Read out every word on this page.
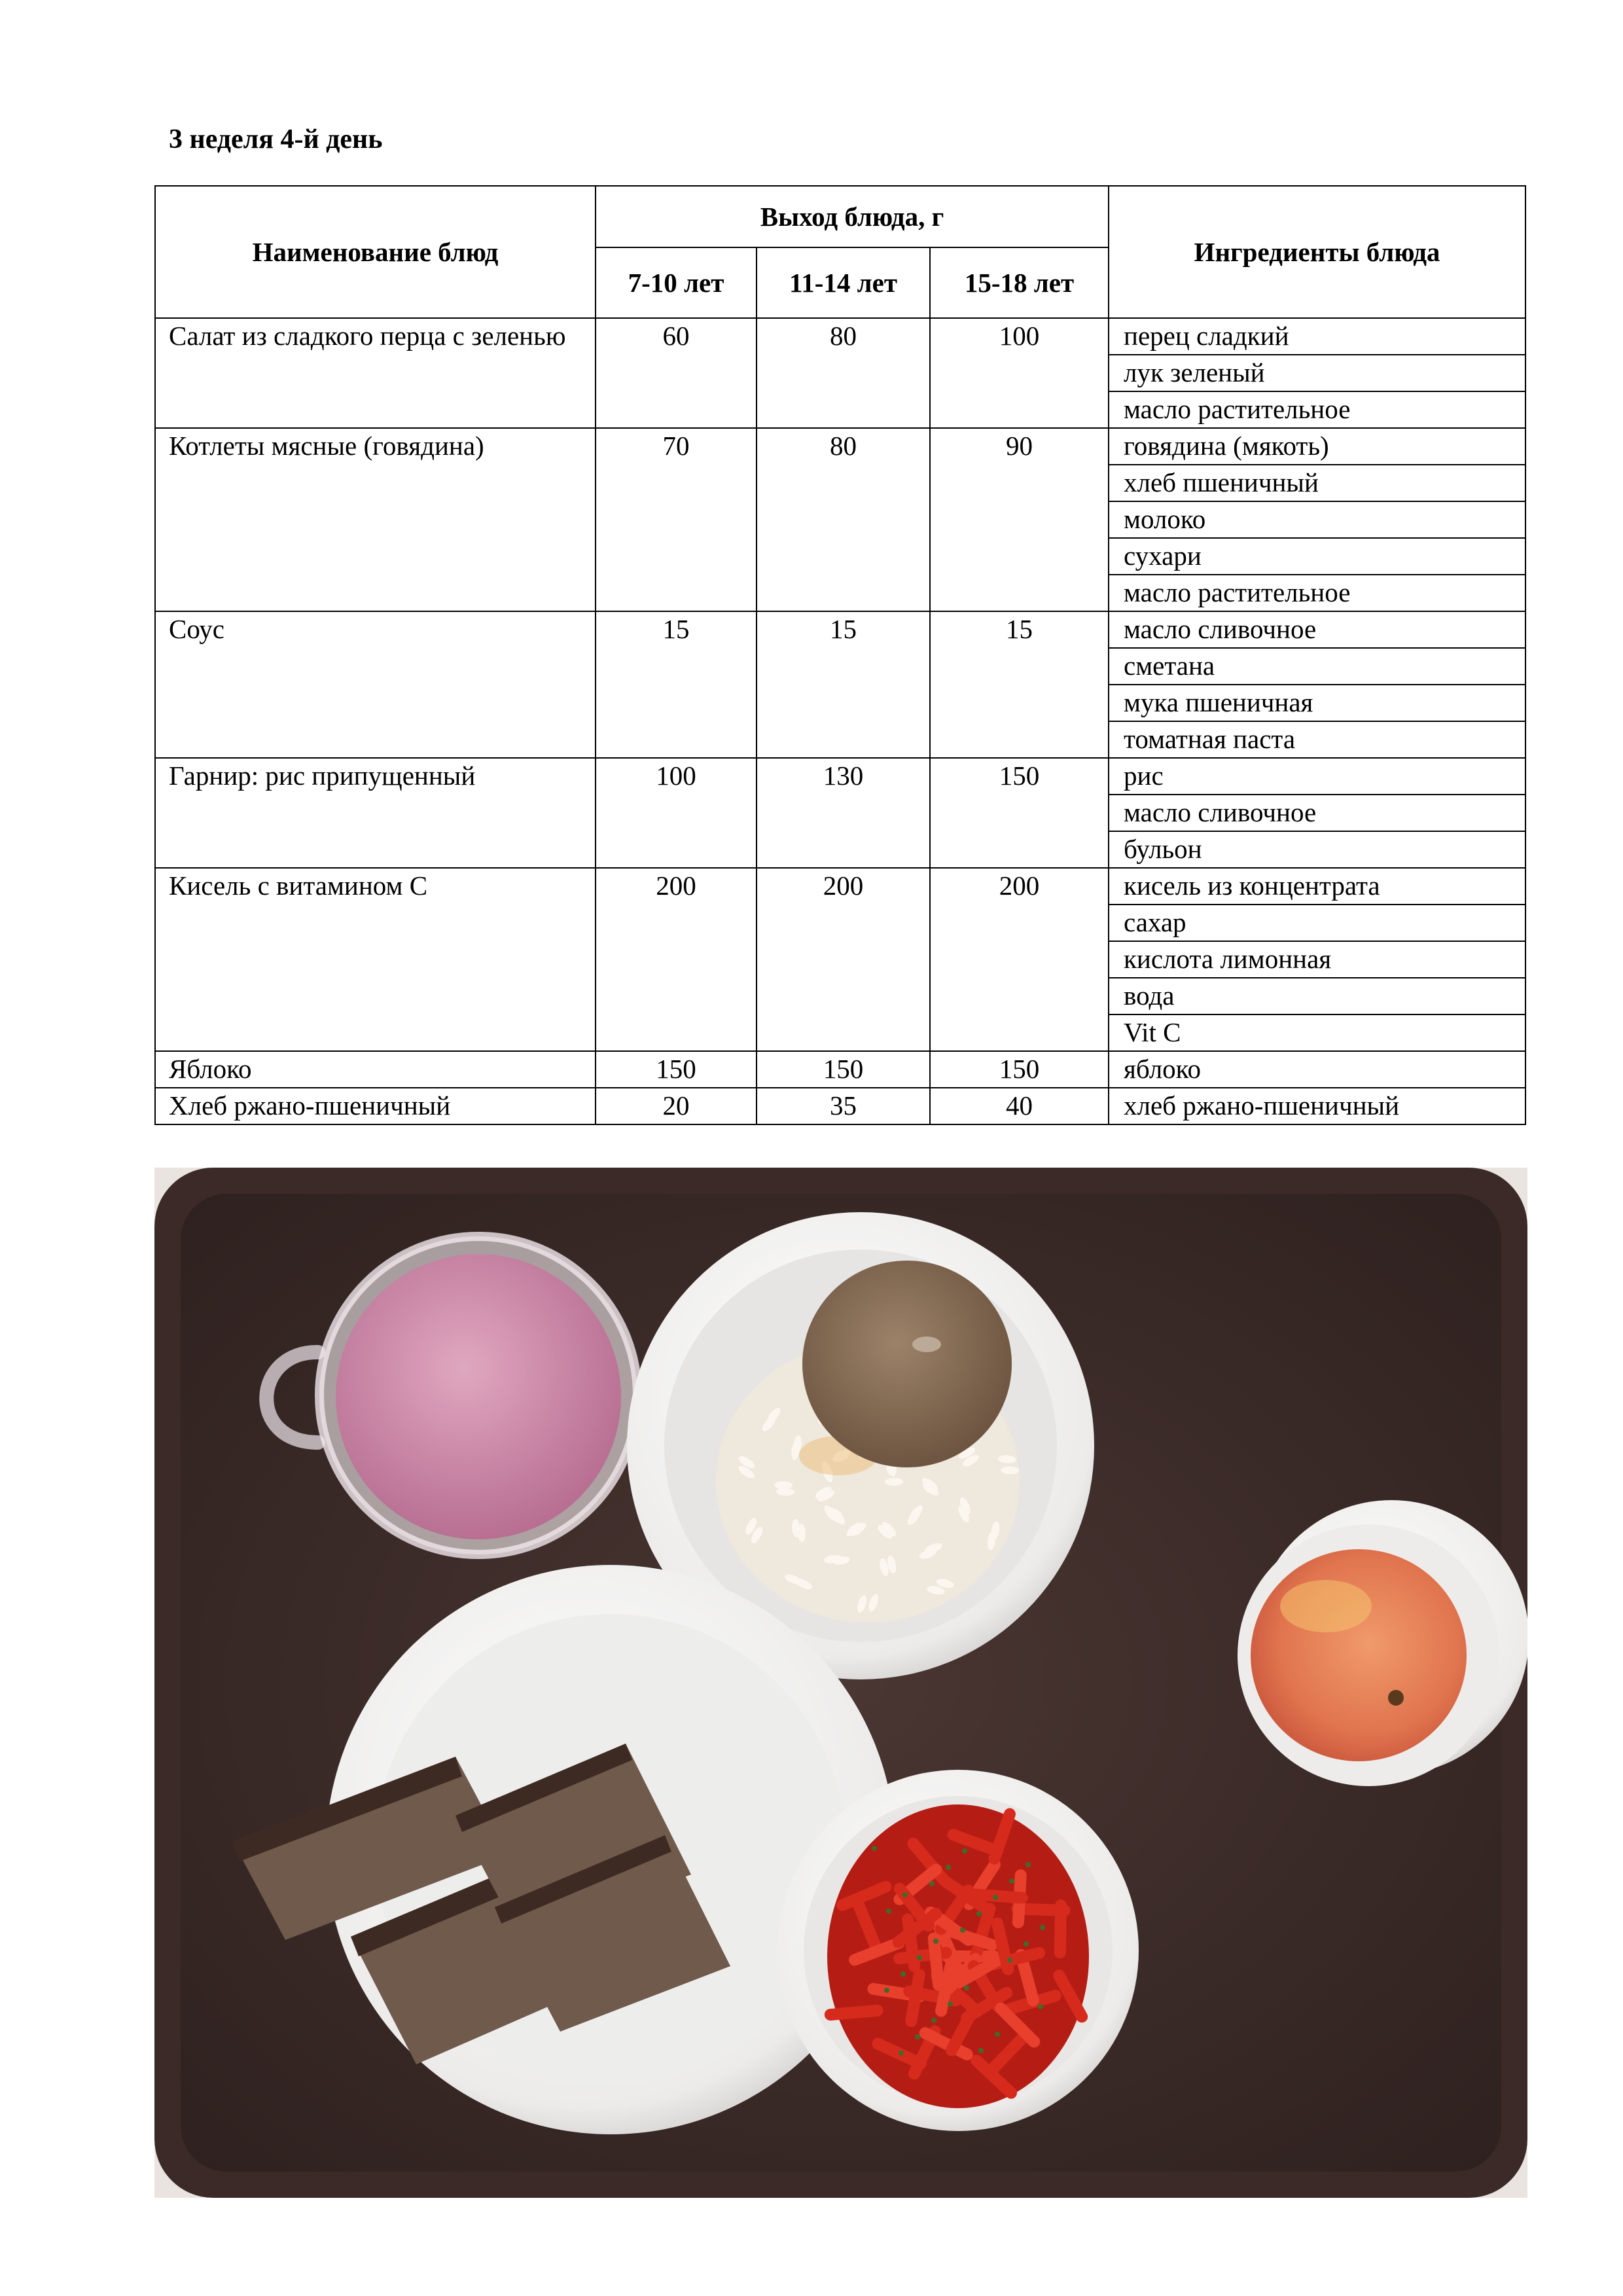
3 неделя 4-й день
Наименование блюд	Выход блюда, г			Ингредиенты блюда
	7-10 лет	11-14 лет	15-18 лет	
Салат из сладкого перца с зеленью	60	80	100	перец сладкий
				лук зеленый
				масло растительное
Котлеты мясные (говядина)	70	80	90	говядина (мякоть)
				хлеб пшеничный
				молоко
				сухари
				масло растительное
Соус	15	15	15	масло сливочное
				сметана
				мука пшеничная
				томатная паста
Гарнир: рис припущенный	100	130	150	рис
				масло сливочное
				бульон
Кисель с витамином С	200	200	200	кисель из концентрата
				сахар
				кислота лимонная
				вода
				Vit C
Яблоко	150	150	150	яблоко
Хлеб ржано-пшеничный	20	35	40	хлеб ржано-пшеничный
